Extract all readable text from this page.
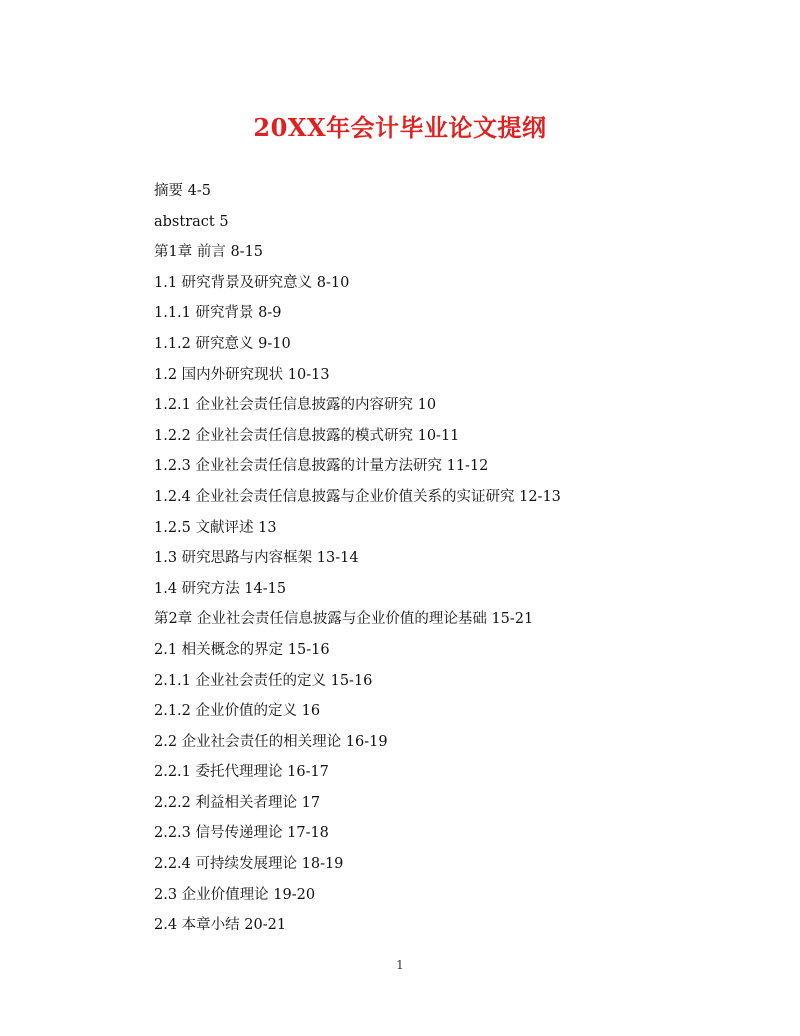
20XX年会计毕业论文提纲
摘要 4-5
abstract 5
第1章 前言 8-15
1.1 研究背景及研究意义 8-10
1.1.1 研究背景 8-9
1.1.2 研究意义 9-10
1.2 国内外研究现状 10-13
1.2.1 企业社会责任信息披露的内容研究 10
1.2.2 企业社会责任信息披露的模式研究 10-11
1.2.3 企业社会责任信息披露的计量方法研究 11-12
1.2.4 企业社会责任信息披露与企业价值关系的实证研究 12-13
1.2.5 文献评述 13
1.3 研究思路与内容框架 13-14
1.4 研究方法 14-15
第2章 企业社会责任信息披露与企业价值的理论基础 15-21
2.1 相关概念的界定 15-16
2.1.1 企业社会责任的定义 15-16
2.1.2 企业价值的定义 16
2.2 企业社会责任的相关理论 16-19
2.2.1 委托代理理论 16-17
2.2.2 利益相关者理论 17
2.2.3 信号传递理论 17-18
2.2.4 可持续发展理论 18-19
2.3 企业价值理论 19-20
2.4 本章小结 20-21
1
